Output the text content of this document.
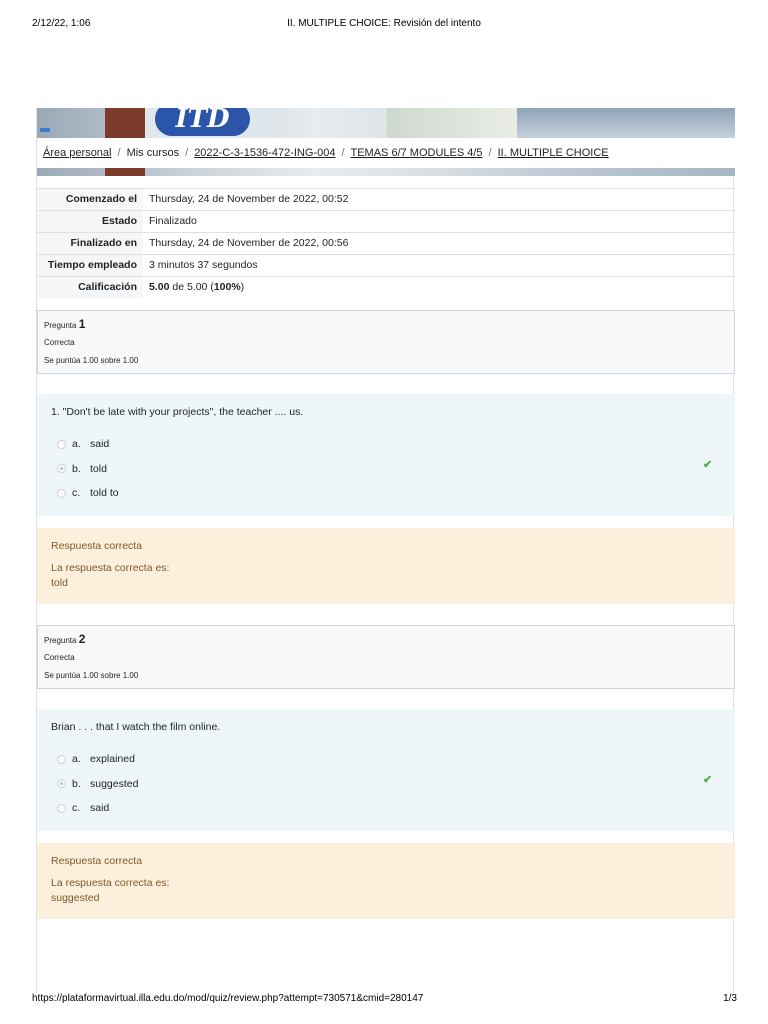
2/12/22, 1:06	II. MULTIPLE CHOICE: Revisión del intento
ITD
Área personal / Mis cursos / 2022-C-3-1536-472-ING-004 / TEMAS 6/7 MODULES 4/5 / II. MULTIPLE CHOICE
Comenzado el	Thursday, 24 de November de 2022, 00:52
Estado	Finalizado
Finalizado en	Thursday, 24 de November de 2022, 00:56
Tiempo empleado	3 minutos 37 segundos
Calificación	5.00 de 5.00 (100%)
Pregunta 1
Correcta
Se puntúa 1.00 sobre 1.00
1. "Don't be late with your projects", the teacher .... us.
a. said
b. told
c. told to
✔
Respuesta correcta
La respuesta correcta es:
told
Pregunta 2
Correcta
Se puntúa 1.00 sobre 1.00
Brian . . . that I watch the film online.
a. explained
b. suggested
c. said
✔
Respuesta correcta
La respuesta correcta es:
suggested
https://plataformavirtual.illa.edu.do/mod/quiz/review.php?attempt=730571&cmid=280147	1/3
